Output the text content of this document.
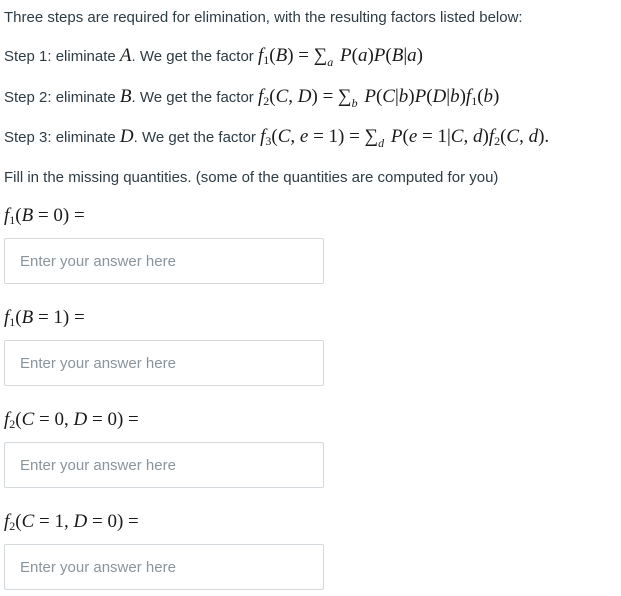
Three steps are required for elimination, with the resulting factors listed below:
Step 1: eliminate A. We get the factor $f_1(B) = \sum_a$ P(a)P(B|a)
Step 2: eliminate B. We get the factor $f_2(C$, $D) = \sum_b$ $P(C|b)P(D|b)f_1(b)$
Step 3: eliminate D. We get the factor $f_3(C$, $e = 1) = \sum_d$ P(e = 1|C, $d)f_2(C$, d).
Fill in the missing quantities. (some of the quantities are computed for you)
$f_1(B = 0)$ =
Enter your answer here
$f_1(B = 1)$ =
Enter your answer here
$f_2(C = 0$, D = 0) =
Enter your answer here
$f_2(C = 1$, D = 0) =
Enter your answer here
